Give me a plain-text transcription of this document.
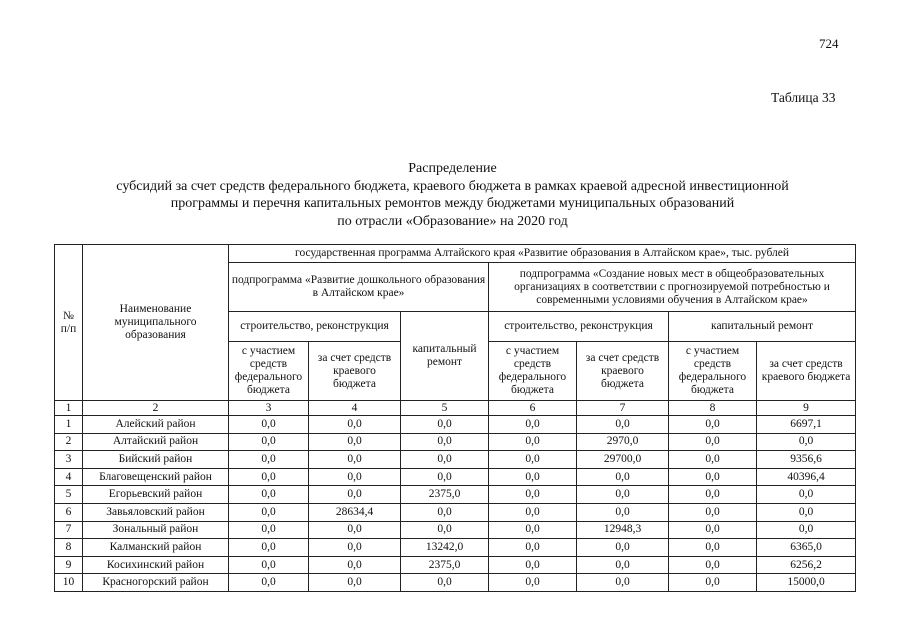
724
Таблица 33
Распределение
субсидий за счет средств федерального бюджета, краевого бюджета в рамках краевой адресной инвестиционной
программы и перечня капитальных ремонтов между бюджетами муниципальных образований
по отрасли «Образование» на 2020 год
№ п/п	Наименование муниципального образования	государственная программа Алтайского края «Развитие образования в Алтайском крае», тыс. рублей						
		подпрограмма «Развитие дошкольного образования в Алтайском крае»			подпрограмма «Создание новых мест в общеобразовательных организациях в соответствии с прогнозируемой потребностью и современными условиями обучения в Алтайском крае»			
		строительство, реконструкция		капитальный ремонт	строительство, реконструкция		капитальный ремонт	
		с участием средств федерального бюджета	за счет средств краевого бюджета		с участием средств федерального бюджета	за счет средств краевого бюджета	с участием средств федерального бюджета	за счет средств краевого бюджета
1	2	3	4	5	6	7	8	9
1	Алейский район	0,0	0,0	0,0	0,0	0,0	0,0	6697,1
2	Алтайский район	0,0	0,0	0,0	0,0	2970,0	0,0	0,0
3	Бийский район	0,0	0,0	0,0	0,0	29700,0	0,0	9356,6
4	Благовещенский район	0,0	0,0	0,0	0,0	0,0	0,0	40396,4
5	Егорьевский район	0,0	0,0	2375,0	0,0	0,0	0,0	0,0
6	Завьяловский район	0,0	28634,4	0,0	0,0	0,0	0,0	0,0
7	Зональный район	0,0	0,0	0,0	0,0	12948,3	0,0	0,0
8	Калманский район	0,0	0,0	13242,0	0,0	0,0	0,0	6365,0
9	Косихинский район	0,0	0,0	2375,0	0,0	0,0	0,0	6256,2
10	Красногорский район	0,0	0,0	0,0	0,0	0,0	0,0	15000,0
